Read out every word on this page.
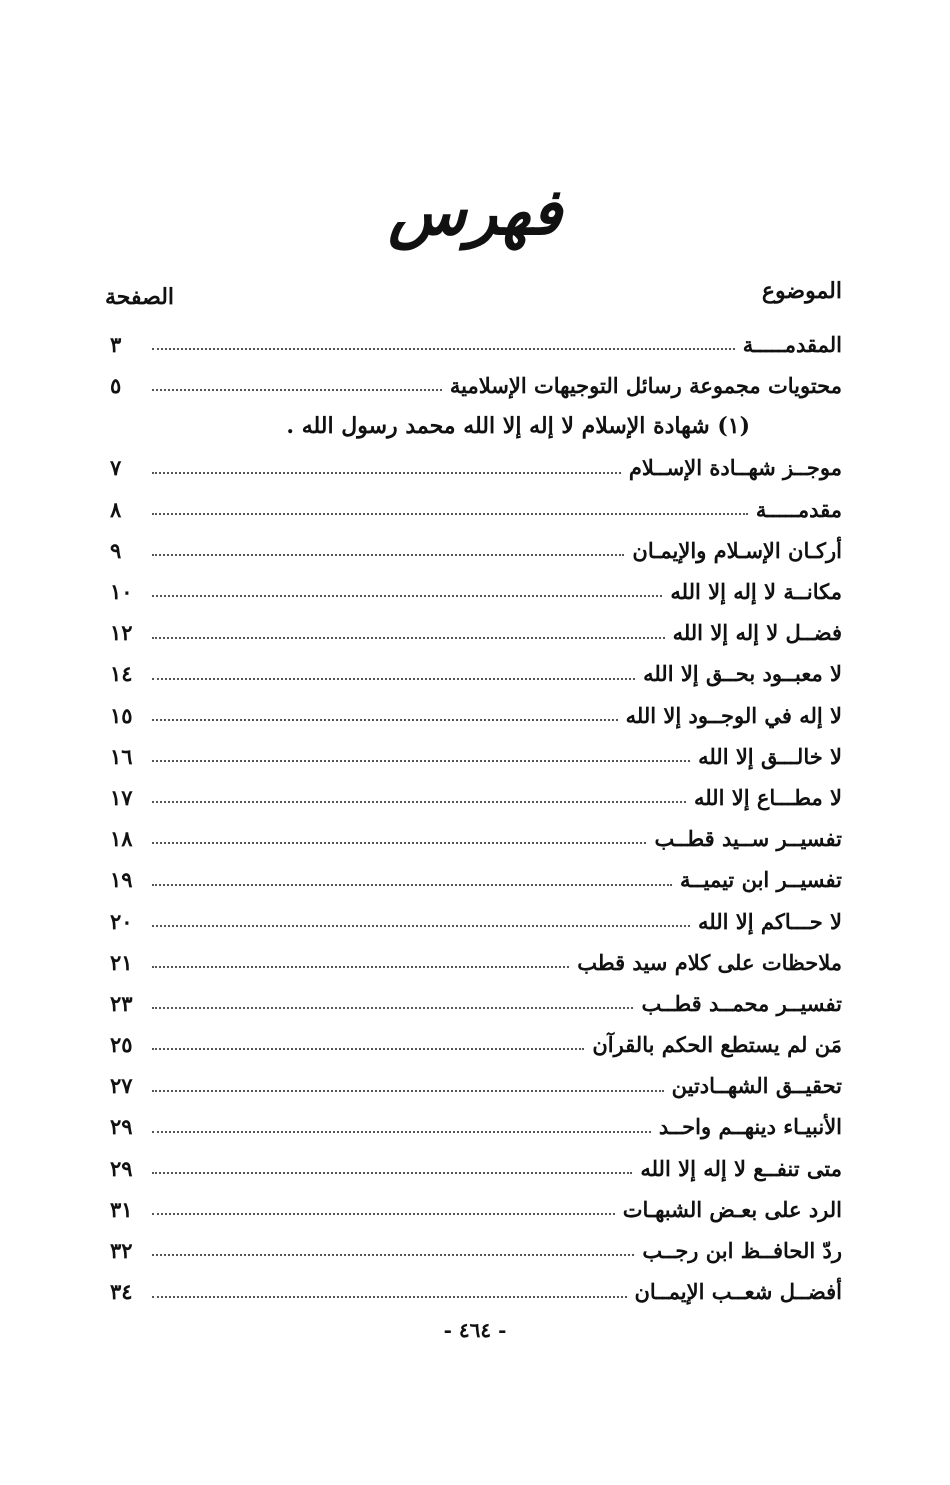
فهرس
الموضوع
الصفحة
المقدمـــــة
٣
محتويات مجموعة رسائل التوجيهات الإسلامية
٥
(١) شهادة الإسلام لا إله إلا الله محمد رسول الله .
موجــز شهــادة الإســلام
٧
مقدمـــــة
٨
أركـان الإسـلام والإيمـان
٩
مكانــة لا إله إلا الله
١٠
فضــل لا إله إلا الله
١٢
لا معبــود بحــق إلا الله
١٤
لا إله في الوجــود إلا الله
١٥
لا خالـــق إلا الله
١٦
لا مطـــاع إلا الله
١٧
تفسيــر ســيد قطــب
١٨
تفسيــر ابن تيميــة
١٩
لا حـــاكم إلا الله
٢٠
ملاحظات على كلام سيد قطب
٢١
تفسيــر محمــد قطــب
٢٣
مَن لم يستطع الحكم بالقرآن
٢٥
تحقيــق الشهــادتين
٢٧
الأنبيـاء دينهــم واحــد
٢٩
متى تنفــع لا إله إلا الله
٢٩
الرد على بعـض الشبهـات
٣١
ردّ الحافــظ ابن رجــب
٣٢
أفضــل شعــب الإيمــان
٣٤
- ٤٦٤ -
